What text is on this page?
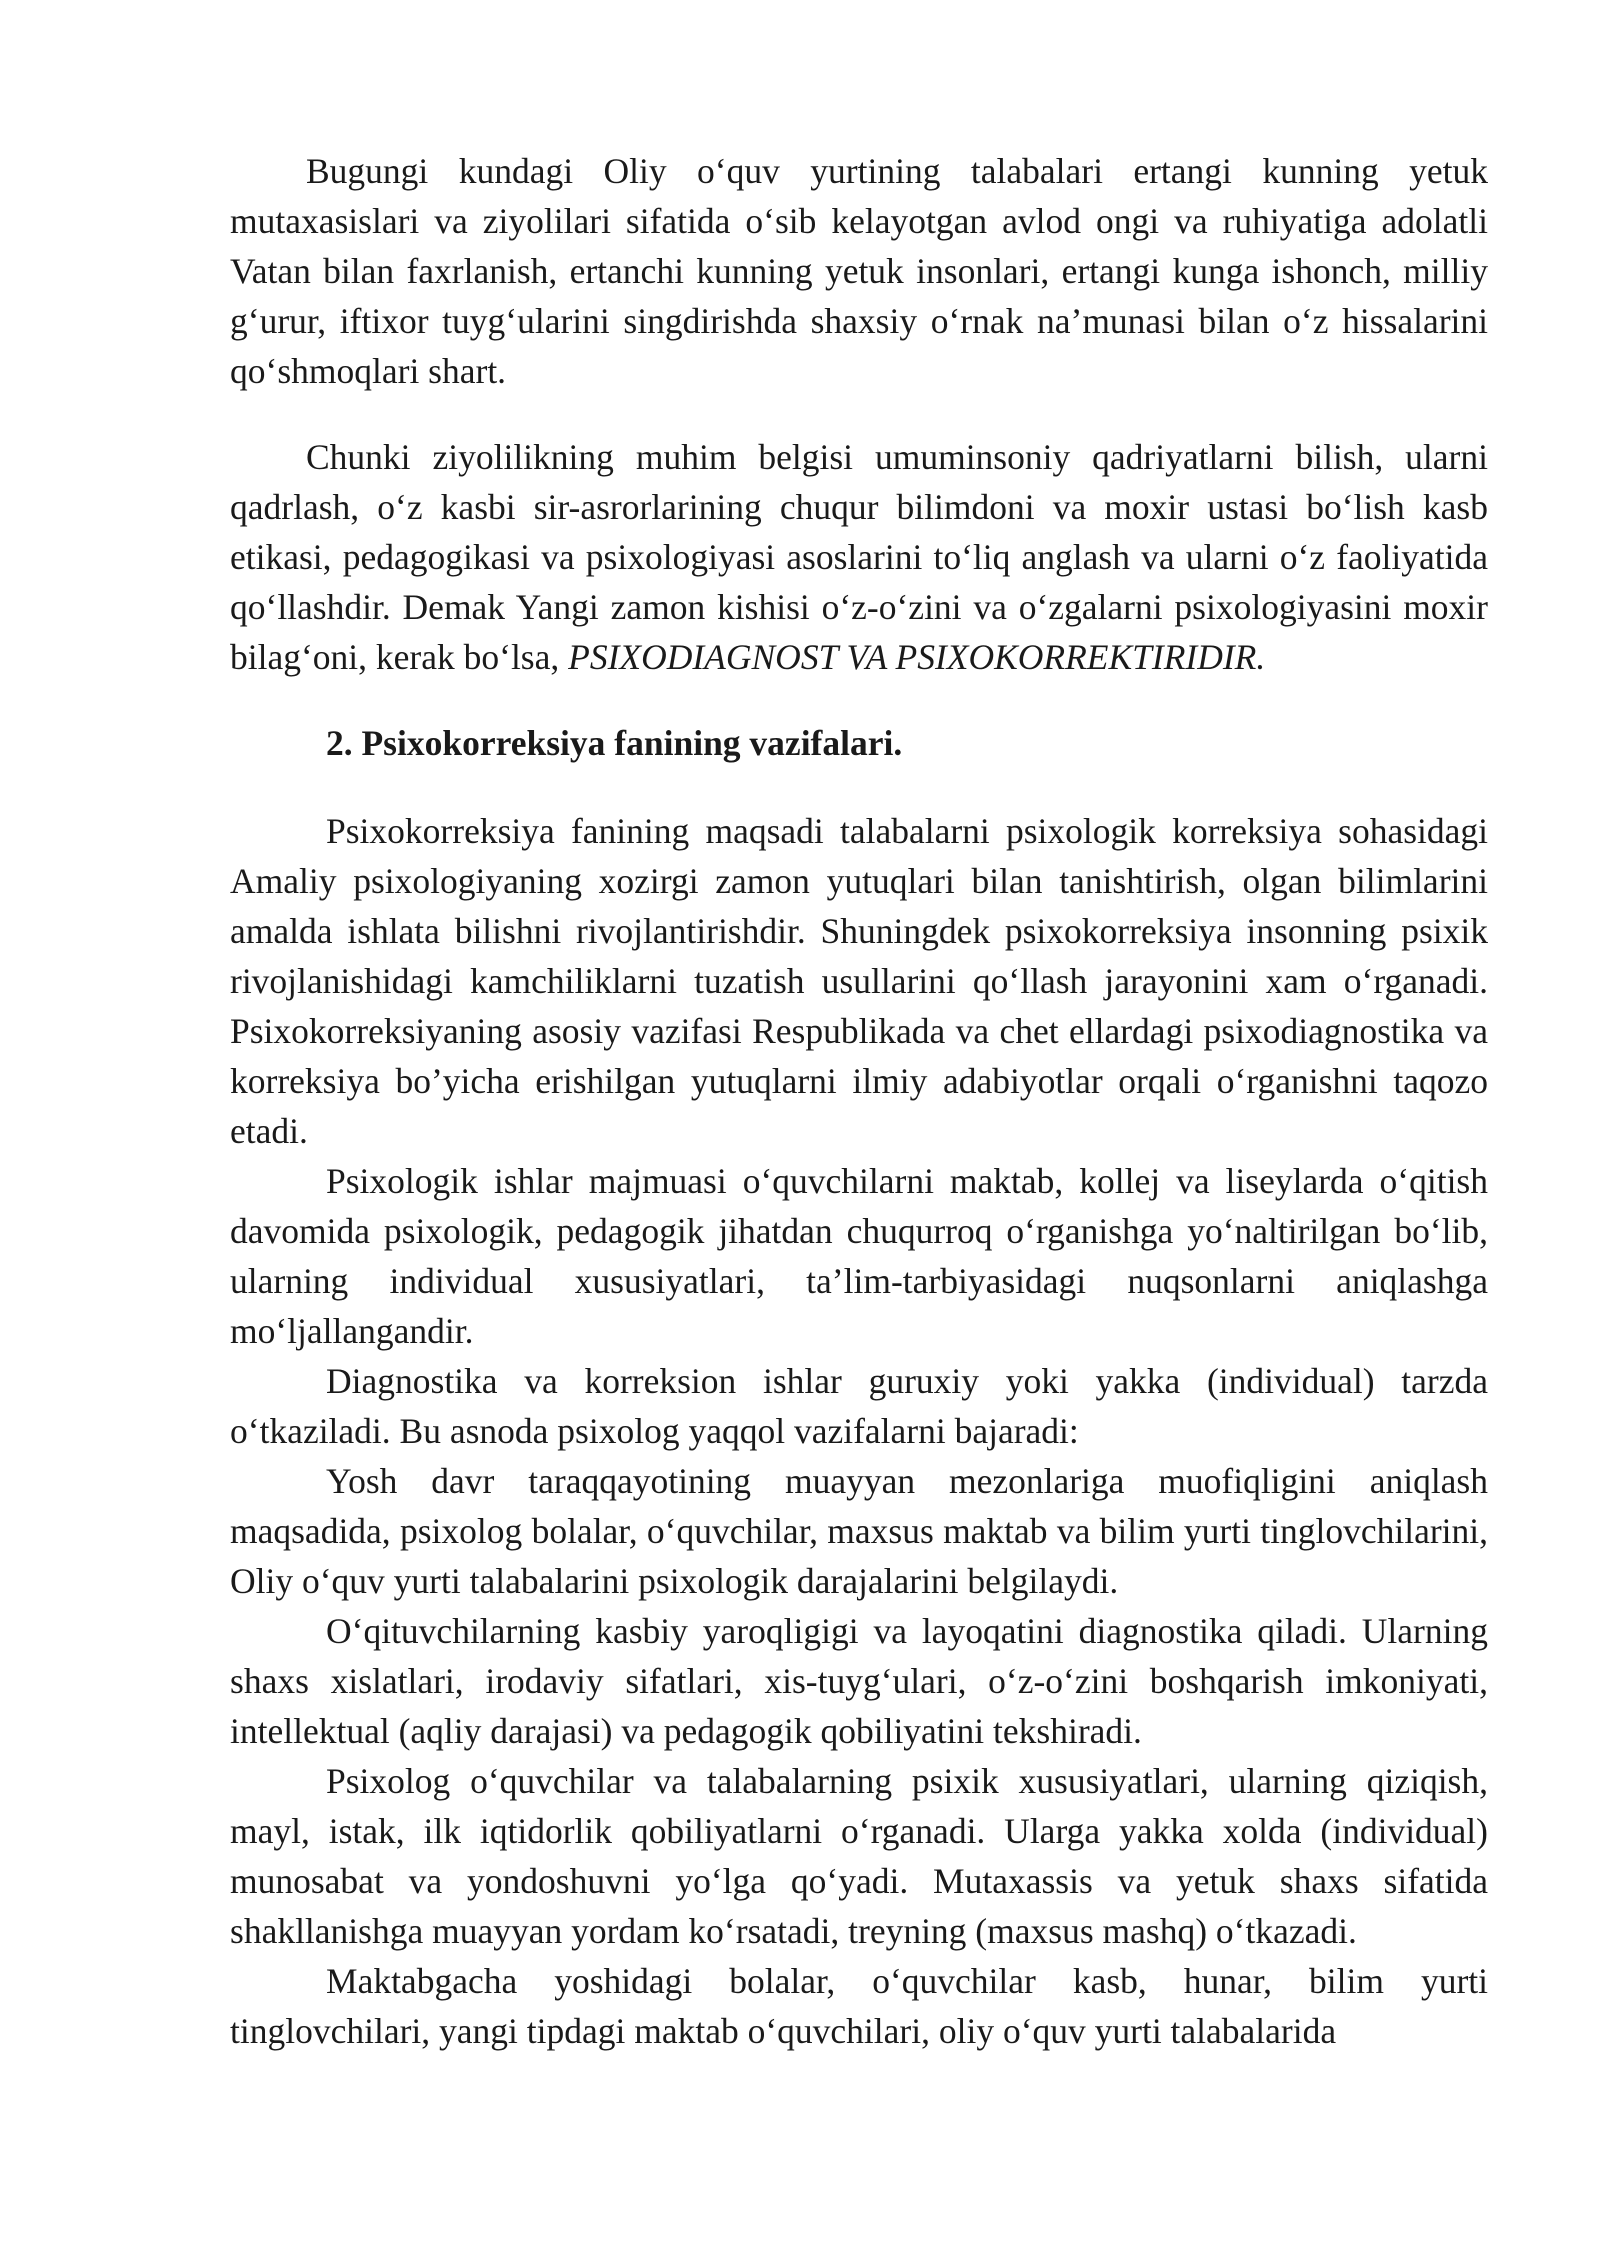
Bugungi kundagi Oliy o‘quv yurtining talabalari ertangi kunning yetuk mutaxasislari va ziyolilari sifatida o‘sib kelayotgan avlod ongi va ruhiyatiga adolatli Vatan bilan faxrlanish, ertanchi kunning yetuk insonlari, ertangi kunga ishonch, milliy g‘urur, iftixor tuyg‘ularini singdirishda shaxsiy o‘rnak na’munasi bilan o‘z hissalarini qo‘shmoqlari shart.

Chunki ziyolilikning muhim belgisi umuminsoniy qadriyatlarni bilish, ularni qadrlash, o‘z kasbi sir-asrorlarining chuqur bilimdoni va moxir ustasi bo‘lish kasb etikasi, pedagogikasi va psixologiyasi asoslarini to‘liq anglash va ularni o‘z faoliyatida qo‘llashdir. Demak Yangi zamon kishisi o‘z-o‘zini va o‘zgalarni psixologiyasini moxir bilag‘oni, kerak bo‘lsa, PSIXODIAGNOST VA PSIXOKORREKTIRIDIR.

2. Psixokorreksiya fanining vazifalari.

Psixokorreksiya fanining maqsadi talabalarni psixologik korreksiya sohasidagi Amaliy psixologiyaning xozirgi zamon yutuqlari bilan tanishtirish, olgan bilimlarini amalda ishlata bilishni rivojlantirishdir. Shuningdek psixokorreksiya insonning psixik rivojlanishidagi kamchiliklarni tuzatish usullarini qo‘llash jarayonini xam o‘rganadi. Psixokorreksiyaning asosiy vazifasi Respublikada va chet ellardagi psixodiagnostika va korreksiya bo’yicha erishilgan yutuqlarni ilmiy adabiyotlar orqali o‘rganishni taqozo etadi.

Psixologik ishlar majmuasi o‘quvchilarni maktab, kollej va liseylarda o‘qitish davomida psixologik, pedagogik jihatdan chuqurroq o‘rganishga yo‘naltirilgan bo‘lib, ularning individual xususiyatlari, ta’lim-tarbiyasidagi nuqsonlarni aniqlashga mo‘ljallangandir.

Diagnostika va korreksion ishlar guruxiy yoki yakka (individual) tarzda o‘tkaziladi. Bu asnoda psixolog yaqqol vazifalarni bajaradi:

Yosh davr taraqqayotining muayyan mezonlariga muofiqligini aniqlash maqsadida, psixolog bolalar, o‘quvchilar, maxsus maktab va bilim yurti tinglovchilarini, Oliy o‘quv yurti talabalarini psixologik darajalarini belgilaydi.

O‘qituvchilarning kasbiy yaroqligigi va layoqatini diagnostika qiladi. Ularning shaxs xislatlari, irodaviy sifatlari, xis-tuyg‘ulari, o‘z-o‘zini boshqarish imkoniyati, intellektual (aqliy darajasi) va pedagogik qobiliyatini tekshiradi.

Psixolog o‘quvchilar va talabalarning psixik xususiyatlari, ularning qiziqish, mayl, istak, ilk iqtidorlik qobiliyatlarni o‘rganadi. Ularga yakka xolda (individual) munosabat va yondoshuvni yo‘lga qo‘yadi. Mutaxassis va yetuk shaxs sifatida shakllanishga muayyan yordam ko‘rsatadi, treyning (maxsus mashq) o‘tkazadi.

Maktabgacha yoshidagi bolalar, o‘quvchilar kasb, hunar, bilim yurti tinglovchilari, yangi tipdagi maktab o‘quvchilari, oliy o‘quv yurti talabalarida
